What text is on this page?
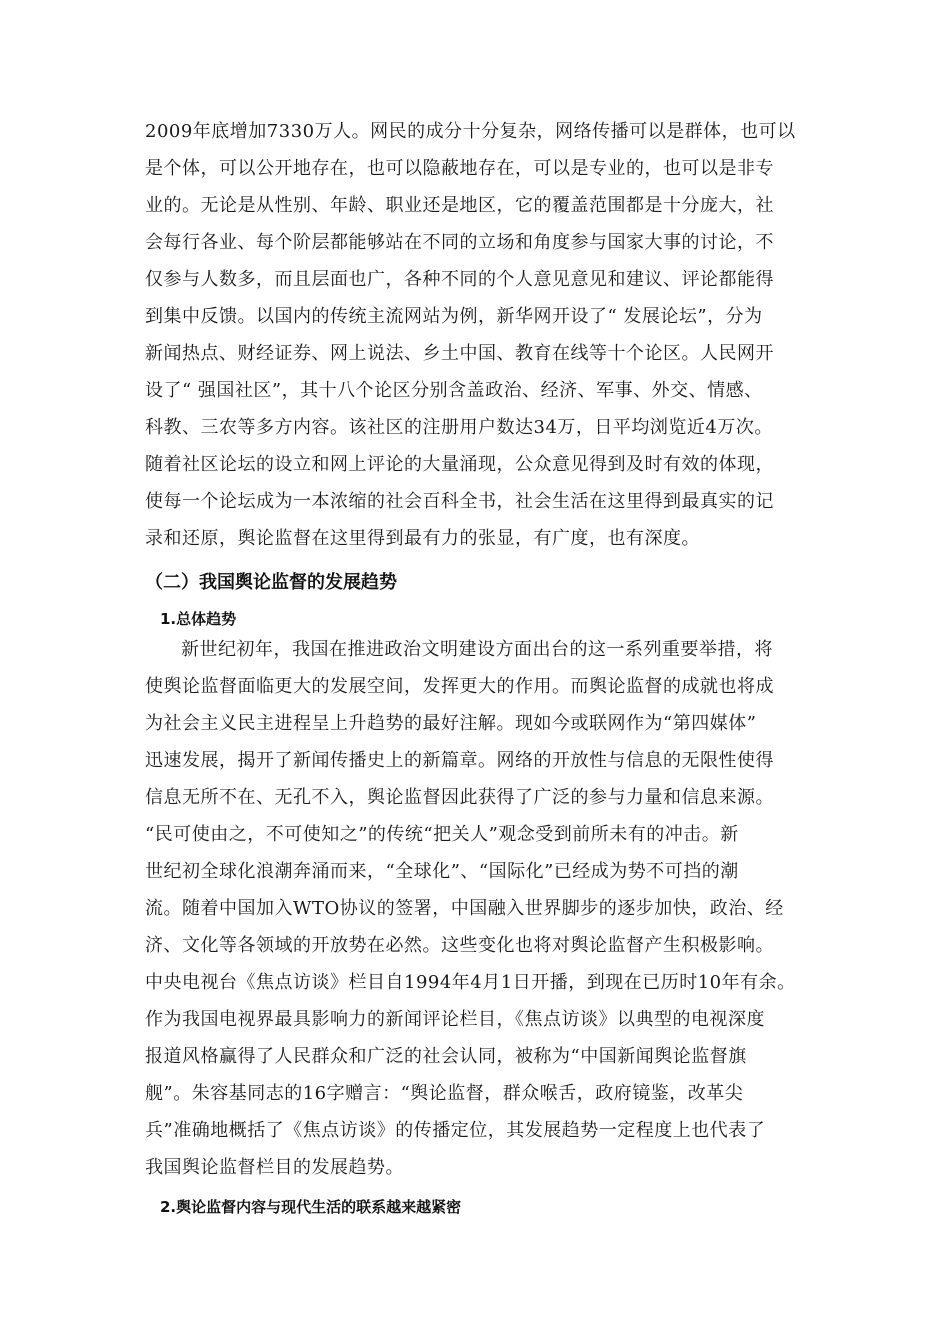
2009年底增加7330万人。网民的成分十分复杂，网络传播可以是群体，也可以
是个体，可以公开地存在，也可以隐蔽地存在，可以是专业的，也可以是非专
业的。无论是从性别、年龄、职业还是地区，它的覆盖范围都是十分庞大，社
会每行各业、每个阶层都能够站在不同的立场和角度参与国家大事的讨论，不
仅参与人数多，而且层面也广，各种不同的个人意见意见和建议、评论都能得
到集中反馈。以国内的传统主流网站为例，新华网开设了“ 发展论坛”，分为
新闻热点、财经证券、网上说法、乡土中国、教育在线等十个论区。人民网开
设了“ 强国社区”，其十八个论区分别含盖政治、经济、军事、外交、情感、
科教、三农等多方内容。该社区的注册用户数达34万，日平均浏览近4万次。
随着社区论坛的设立和网上评论的大量涌现，公众意见得到及时有效的体现，
使每一个论坛成为一本浓缩的社会百科全书，社会生活在这里得到最真实的记
录和还原，舆论监督在这里得到最有力的张显，有广度，也有深度。
（二）我国舆论监督的发展趋势
1.总体趋势
新世纪初年，我国在推进政治文明建设方面出台的这一系列重要举措，将
使舆论监督面临更大的发展空间，发挥更大的作用。而舆论监督的成就也将成
为社会主义民主进程呈上升趋势的最好注解。现如今或联网作为“第四媒体”
迅速发展，揭开了新闻传播史上的新篇章。网络的开放性与信息的无限性使得
信息无所不在、无孔不入，舆论监督因此获得了广泛的参与力量和信息来源。
“民可使由之，不可使知之”的传统“把关人”观念受到前所未有的冲击。新
世纪初全球化浪潮奔涌而来，“全球化”、“国际化”已经成为势不可挡的潮
流。随着中国加入WTO协议的签署，中国融入世界脚步的逐步加快，政治、经
济、文化等各领域的开放势在必然。这些变化也将对舆论监督产生积极影响。
中央电视台《焦点访谈》栏目自1994年4月1日开播，到现在已历时10年有余。
作为我国电视界最具影响力的新闻评论栏目，《焦点访谈》以典型的电视深度
报道风格赢得了人民群众和广泛的社会认同，被称为“中国新闻舆论监督旗
舰”。朱容基同志的16字赠言：“舆论监督，群众喉舌，政府镜鉴，改革尖
兵”准确地概括了《焦点访谈》的传播定位，其发展趋势一定程度上也代表了
我国舆论监督栏目的发展趋势。
2.舆论监督内容与现代生活的联系越来越紧密
